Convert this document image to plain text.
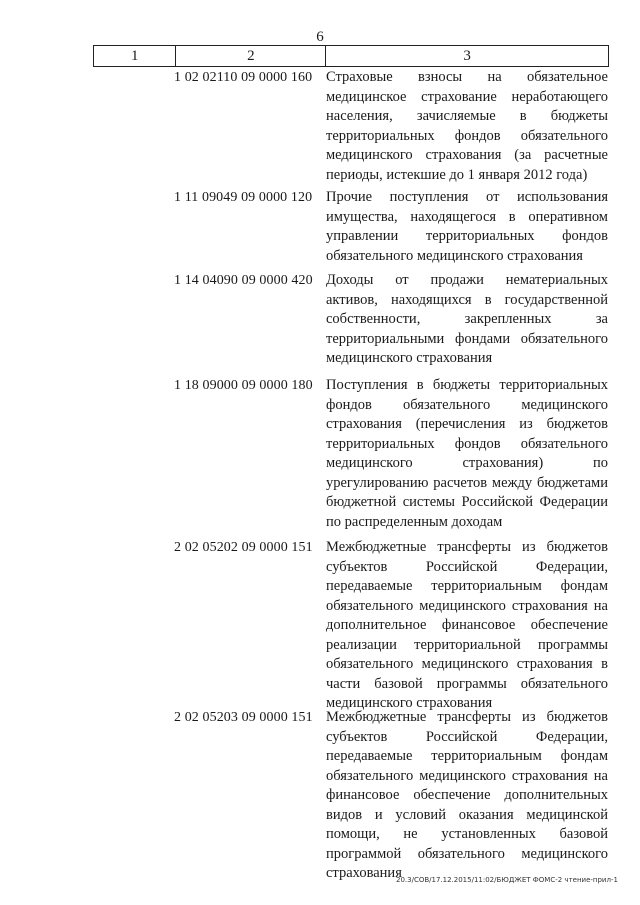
6
1	2	3
1 02 02110 09 0000 160 Страховые взносы на обязательное медицинское страхование неработающего населения, зачисляемые в бюджеты территориальных фондов обязательного медицинского страхования (за расчетные периоды, истекшие до 1 января 2012 года)
1 11 09049 09 0000 120 Прочие поступления от использования имущества, находящегося в оперативном управлении территориальных фондов обязательного медицинского страхования
1 14 04090 09 0000 420 Доходы от продажи нематериальных активов, находящихся в государственной собственности, закрепленных за территориальными фондами обязательного медицинского страхования
1 18 09000 09 0000 180 Поступления в бюджеты территориальных фондов обязательного медицинского страхования (перечисления из бюджетов территориальных фондов обязательного медицинского страхования) по урегулированию расчетов между бюджетами бюджетной системы Российской Федерации по распределенным доходам
2 02 05202 09 0000 151 Межбюджетные трансферты из бюджетов субъектов Российской Федерации, передаваемые территориальным фондам обязательного медицинского страхования на дополнительное финансовое обеспечение реализации территориальной программы обязательного медицинского страхования в части базовой программы обязательного медицинского страхования
2 02 05203 09 0000 151 Межбюджетные трансферты из бюджетов субъектов Российской Федерации, передаваемые территориальным фондам обязательного медицинского страхования на финансовое обеспечение дополнительных видов и условий оказания медицинской помощи, не установленных базовой программой обязательного медицинского страхования
20.3/СОВ/17.12.2015/11:02/БЮДЖЕТ ФОМС-2 чтение-прил-1
